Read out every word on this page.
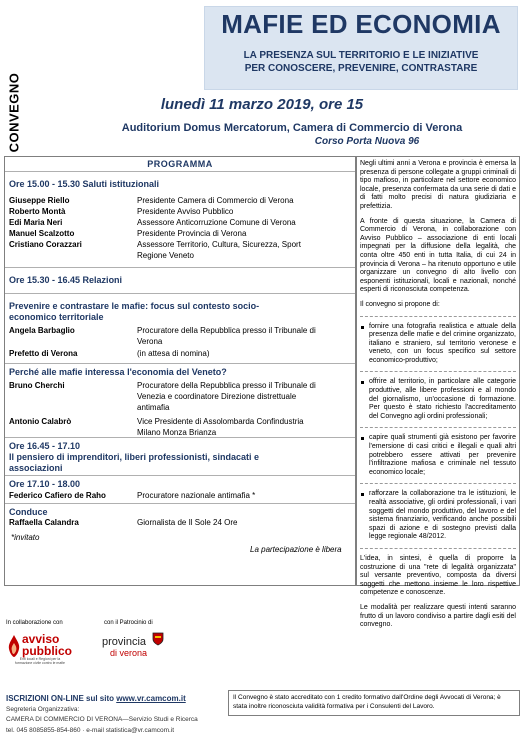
CONVEGNO
MAFIE ED ECONOMIA
LA PRESENZA SUL TERRITORIO E LE INIZIATIVE
PER CONOSCERE, PREVENIRE, CONTRASTARE
lunedì 11 marzo 2019, ore 15
Auditorium Domus Mercatorum, Camera di Commercio di Verona
Corso Porta Nuova 96
PROGRAMMA
Ore 15.00 - 15.30 Saluti istituzionali
Giuseppe Riello	Presidente Camera di Commercio di Verona
Roberto Montà	Presidente Avviso Pubblico
Edi Maria Neri	Assessore Anticorruzione Comune di Verona
Manuel Scalzotto	Presidente Provincia di Verona
Cristiano Corazzari	Assessore Territorio, Cultura, Sicurezza, Sport
Regione Veneto
Ore 15.30 - 16.45 Relazioni
Prevenire e contrastare le mafie: focus sul contesto socio-
economico territoriale
Angela Barbaglio	Procuratore della Repubblica presso il Tribunale di
Verona
Prefetto di Verona	(in attesa di nomina)
Perché alle mafie interessa l'economia del Veneto?
Bruno Cherchi	Procuratore della Repubblica presso il Tribunale di
Venezia e coordinatore Direzione distrettuale
antimafia
Antonio Calabrò	Vice Presidente di Assolombarda Confindustria
Milano Monza Brianza
Ore 16.45 - 17.10
Il pensiero di imprenditori, liberi professionisti, sindacati e
associazioni
Ore 17.10 - 18.00
Federico Cafiero de Raho	Procuratore nazionale antimafia *
Conduce
Raffaella Calandra	Giornalista de Il Sole 24 Ore
*invitato
La partecipazione è libera

Negli ultimi anni a Verona e provincia è emersa la presenza di persone collegate a gruppi criminali di tipo mafioso, in particolare nel settore economico locale, presenza confermata da una serie di dati e di fatti molto precisi di natura giudiziaria e prefettizia.

A fronte di questa situazione, la Camera di Commercio di Verona, in collaborazione con Avviso Pubblico – associazione di enti locali impegnati per la diffusione della legalità, che conta oltre 450 enti in tutta Italia, di cui 24 in provincia di Verona – ha ritenuto opportuno e utile organizzare un convegno di alto livello con esponenti istituzionali, locali e nazionali, nonché esperti di riconosciuta competenza.

Il convegno si propone di:

fornire una fotografia realistica e attuale della presenza delle mafie e del crimine organizzato, italiano e straniero, sul territorio veronese e veneto, con un focus specifico sul settore economico-produttivo;

offrire al territorio, in particolare alle categorie produttive, alle libere professioni e al mondo del giornalismo, un'occasione di formazione. Per questo è stato richiesto l'accreditamento del Convegno agli ordini professionali;

capire quali strumenti già esistono per favorire l'emersione di casi critici e illegali e quali altri potrebbero essere attivati per prevenire l'infiltrazione mafiosa e criminale nel tessuto economico locale;

rafforzare la collaborazione tra le istituzioni, le realtà associative, gli ordini professionali, i vari soggetti del mondo produttivo, del lavoro e del sistema finanziario, verificando anche possibili spazi di azione e di sostegno previsti dalla legge regionale 48/2012.

L'idea, in sintesi, è quella di proporre la costruzione di una "rete di legalità organizzata" sul versante preventivo, composta da diversi soggetti che mettono insieme le loro rispettive competenze e conoscenze.

Le modalità per realizzare questi intenti saranno frutto di un lavoro condiviso a partire dagli esiti del convegno.

In collaborazione con	con il Patrocinio di
avviso
pubblico
Enti locali e Regioni per la formazione civile contro le mafie
provincia
di verona
ISCRIZIONI ON-LINE sul sito www.vr.camcom.it
Segreteria Organizzativa:
CAMERA DI COMMERCIO DI VERONA—Servizio Studi e Ricerca
tel. 045 8085855-854-860 · e-mail statistica@vr.camcom.it
Il Convegno è stato accreditato con 1 credito formativo dall'Ordine degli Avvocati di Verona; è stata inoltre riconosciuta validità formativa per i Consulenti del Lavoro.
